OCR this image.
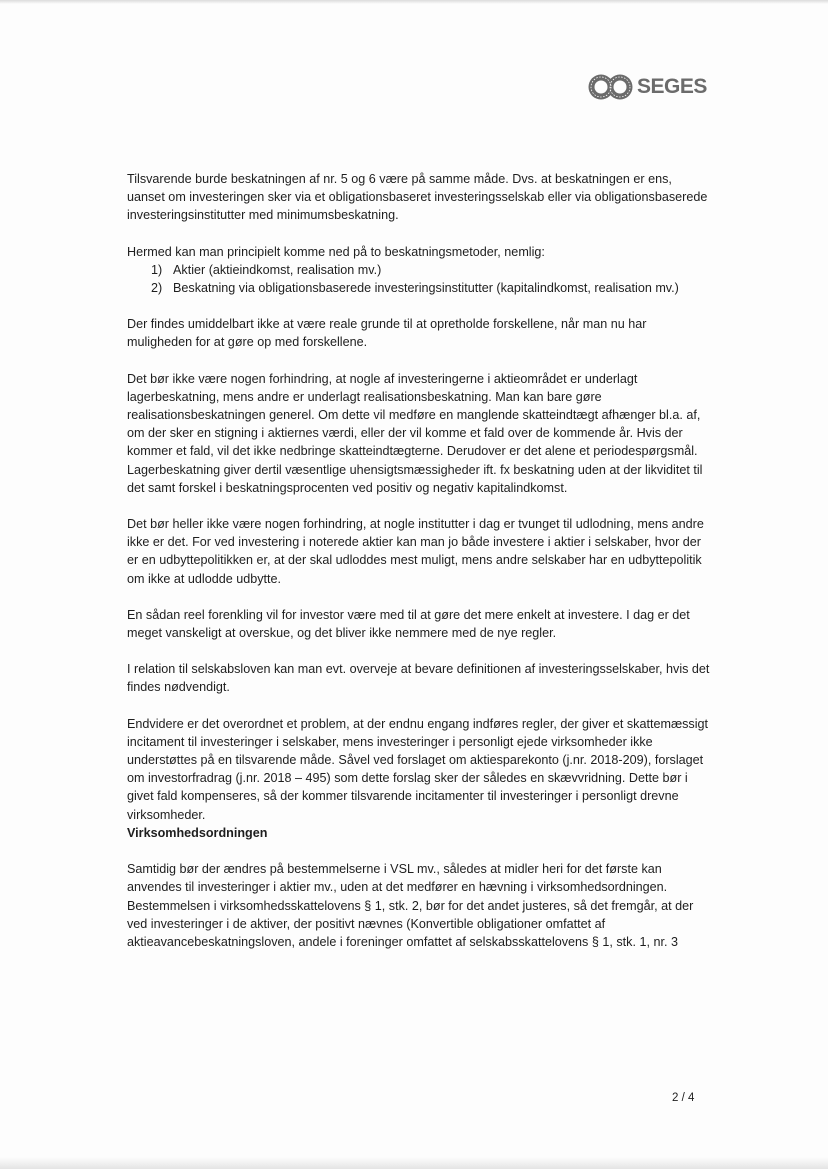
SEGES

Tilsvarende burde beskatningen af nr. 5 og 6 være på samme måde. Dvs. at beskatningen er ens, uanset om investeringen sker via et obligationsbaseret investeringsselskab eller via obligationsbaserede investeringsinstitutter med minimumsbeskatning.

Hermed kan man principielt komme ned på to beskatningsmetoder, nemlig:

1) Aktier (aktieindkomst, realisation mv.)
2) Beskatning via obligationsbaserede investeringsinstitutter (kapitalindkomst, realisation mv.)

Der findes umiddelbart ikke at være reale grunde til at opretholde forskellene, når man nu har muligheden for at gøre op med forskellene.

Det bør ikke være nogen forhindring, at nogle af investeringerne i aktieområdet er underlagt lagerbeskatning, mens andre er underlagt realisationsbeskatning. Man kan bare gøre realisationsbeskatningen generel. Om dette vil medføre en manglende skatteindtægt afhænger bl.a. af, om der sker en stigning i aktiernes værdi, eller der vil komme et fald over de kommende år. Hvis der kommer et fald, vil det ikke nedbringe skatteindtægterne. Derudover er det alene et periodespørgsmål. Lagerbeskatning giver dertil væsentlige uhensigtsmæssigheder ift. fx beskatning uden at der likviditet til det samt forskel i beskatningsprocenten ved positiv og negativ kapitalindkomst.

Det bør heller ikke være nogen forhindring, at nogle institutter i dag er tvunget til udlodning, mens andre ikke er det. For ved investering i noterede aktier kan man jo både investere i aktier i selskaber, hvor der er en udbyttepolitikken er, at der skal udloddes mest muligt, mens andre selskaber har en udbyttepolitik om ikke at udlodde udbytte.

En sådan reel forenkling vil for investor være med til at gøre det mere enkelt at investere. I dag er det meget vanskeligt at overskue, og det bliver ikke nemmere med de nye regler.

I relation til selskabsloven kan man evt. overveje at bevare definitionen af investeringsselskaber, hvis det findes nødvendigt.

Endvidere er det overordnet et problem, at der endnu engang indføres regler, der giver et skattemæssigt incitament til investeringer i selskaber, mens investeringer i personligt ejede virksomheder ikke understøttes på en tilsvarende måde. Såvel ved forslaget om aktiesparekonto (j.nr. 2018-209), forslaget om investorfradrag (j.nr. 2018 – 495) som dette forslag sker der således en skævvridning. Dette bør i givet fald kompenseres, så der kommer tilsvarende incitamenter til investeringer i personligt drevne virksomheder.

Virksomhedsordningen

Samtidig bør der ændres på bestemmelserne i VSL mv., således at midler heri for det første kan anvendes til investeringer i aktier mv., uden at det medfører en hævning i virksomhedsordningen. Bestemmelsen i virksomhedsskattelovens § 1, stk. 2, bør for det andet justeres, så det fremgår, at der ved investeringer i de aktiver, der positivt nævnes (Konvertible obligationer omfattet af aktieavancebeskatningsloven, andele i foreninger omfattet af selskabsskattelovens § 1, stk. 1, nr. 3

2 / 4
